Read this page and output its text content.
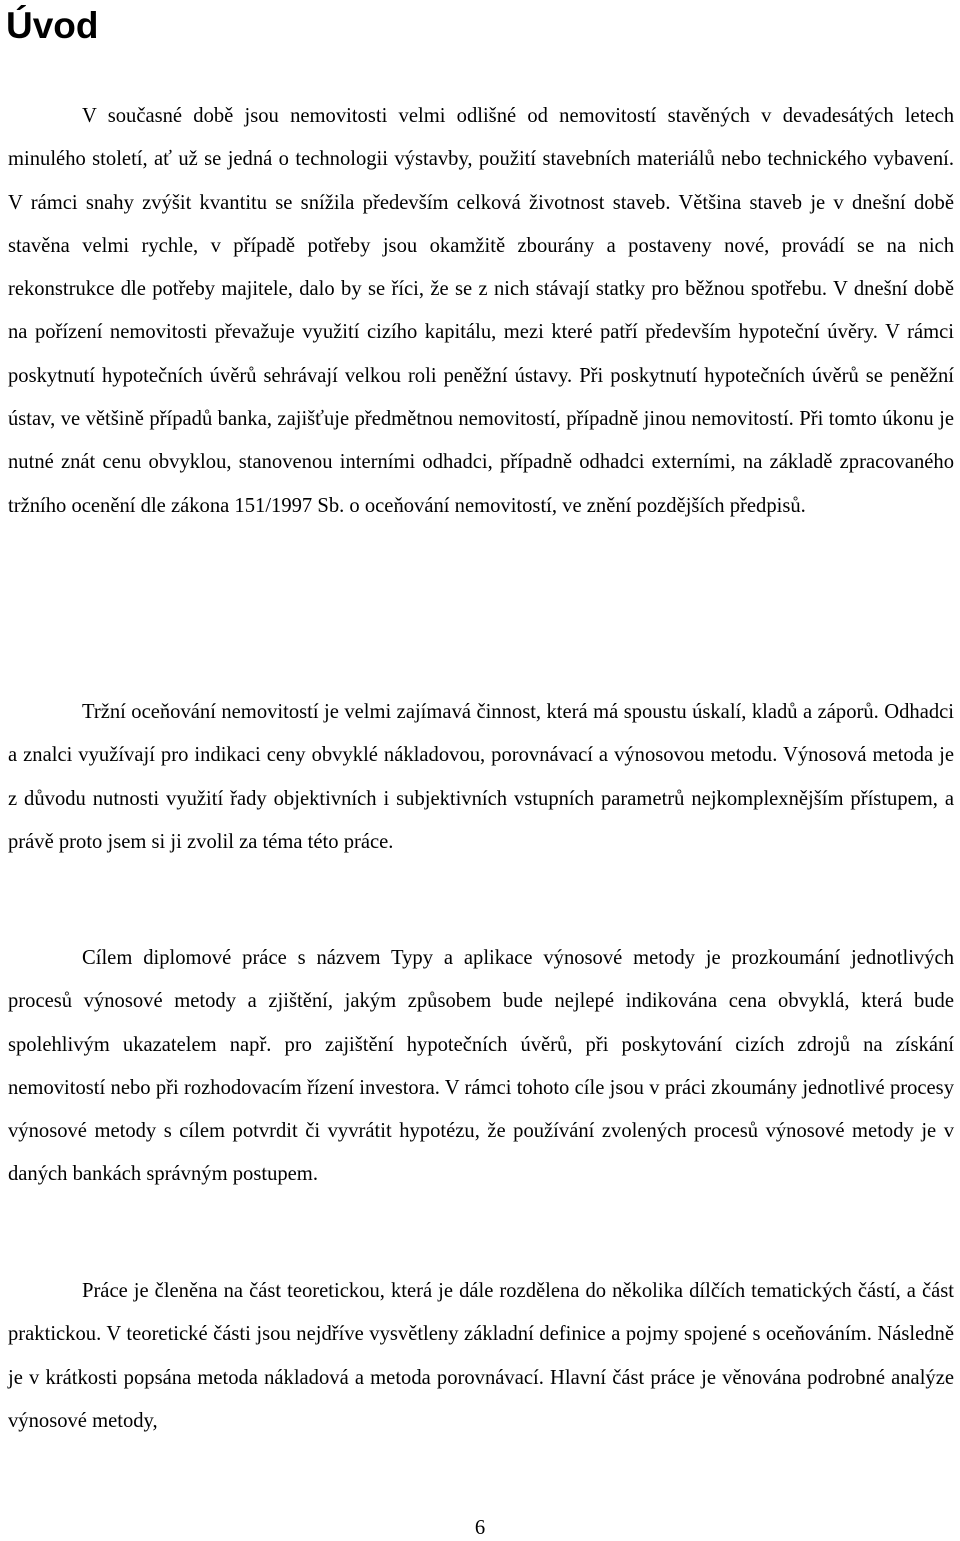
Úvod

V současné době jsou nemovitosti velmi odlišné od nemovitostí stavěných v devadesátých letech minulého století, ať už se jedná o technologii výstavby, použití stavebních materiálů nebo technického vybavení. V rámci snahy zvýšit kvantitu se snížila především celková životnost staveb. Většina staveb je v dnešní době stavěna velmi rychle, v případě potřeby jsou okamžitě zbourány a postaveny nové, provádí se na nich rekonstrukce dle potřeby majitele, dalo by se říci, že se z nich stávají statky pro běžnou spotřebu. V dnešní době na pořízení nemovitosti převažuje využití cizího kapitálu, mezi které patří především hypoteční úvěry. V rámci poskytnutí hypotečních úvěrů sehrávají velkou roli peněžní ústavy. Při poskytnutí hypotečních úvěrů se peněžní ústav, ve většině případů banka, zajišťuje předmětnou nemovitostí, případně jinou nemovitostí. Při tomto úkonu je nutné znát cenu obvyklou, stanovenou interními odhadci, případně odhadci externími, na základě zpracovaného tržního ocenění dle zákona 151/1997 Sb. o oceňování nemovitostí, ve znění pozdějších předpisů.

Tržní oceňování nemovitostí je velmi zajímavá činnost, která má spoustu úskalí, kladů a záporů. Odhadci a znalci využívají pro indikaci ceny obvyklé nákladovou, porovnávací a výnosovou metodu. Výnosová metoda je z důvodu nutnosti využití řady objektivních i subjektivních vstupních parametrů nejkomplexnějším přístupem, a právě proto jsem si ji zvolil za téma této práce.

Cílem diplomové práce s názvem Typy a aplikace výnosové metody je prozkoumání jednotlivých procesů výnosové metody a zjištění, jakým způsobem bude nejlepé indikována cena obvyklá, která bude spolehlivým ukazatelem např. pro zajištění hypotečních úvěrů, při poskytování cizích zdrojů na získání nemovitostí nebo při rozhodovacím řízení investora. V rámci tohoto cíle jsou v práci zkoumány jednotlivé procesy výnosové metody s cílem potvrdit či vyvrátit hypotézu, že používání zvolených procesů výnosové metody je v daných bankách správným postupem.

Práce je členěna na část teoretickou, která je dále rozdělena do několika dílčích tematických částí, a část praktickou. V teoretické části jsou nejdříve vysvětleny základní definice a pojmy spojené s oceňováním. Následně je v krátkosti popsána metoda nákladová a metoda porovnávací. Hlavní část práce je věnována podrobné analýze výnosové metody,

6
